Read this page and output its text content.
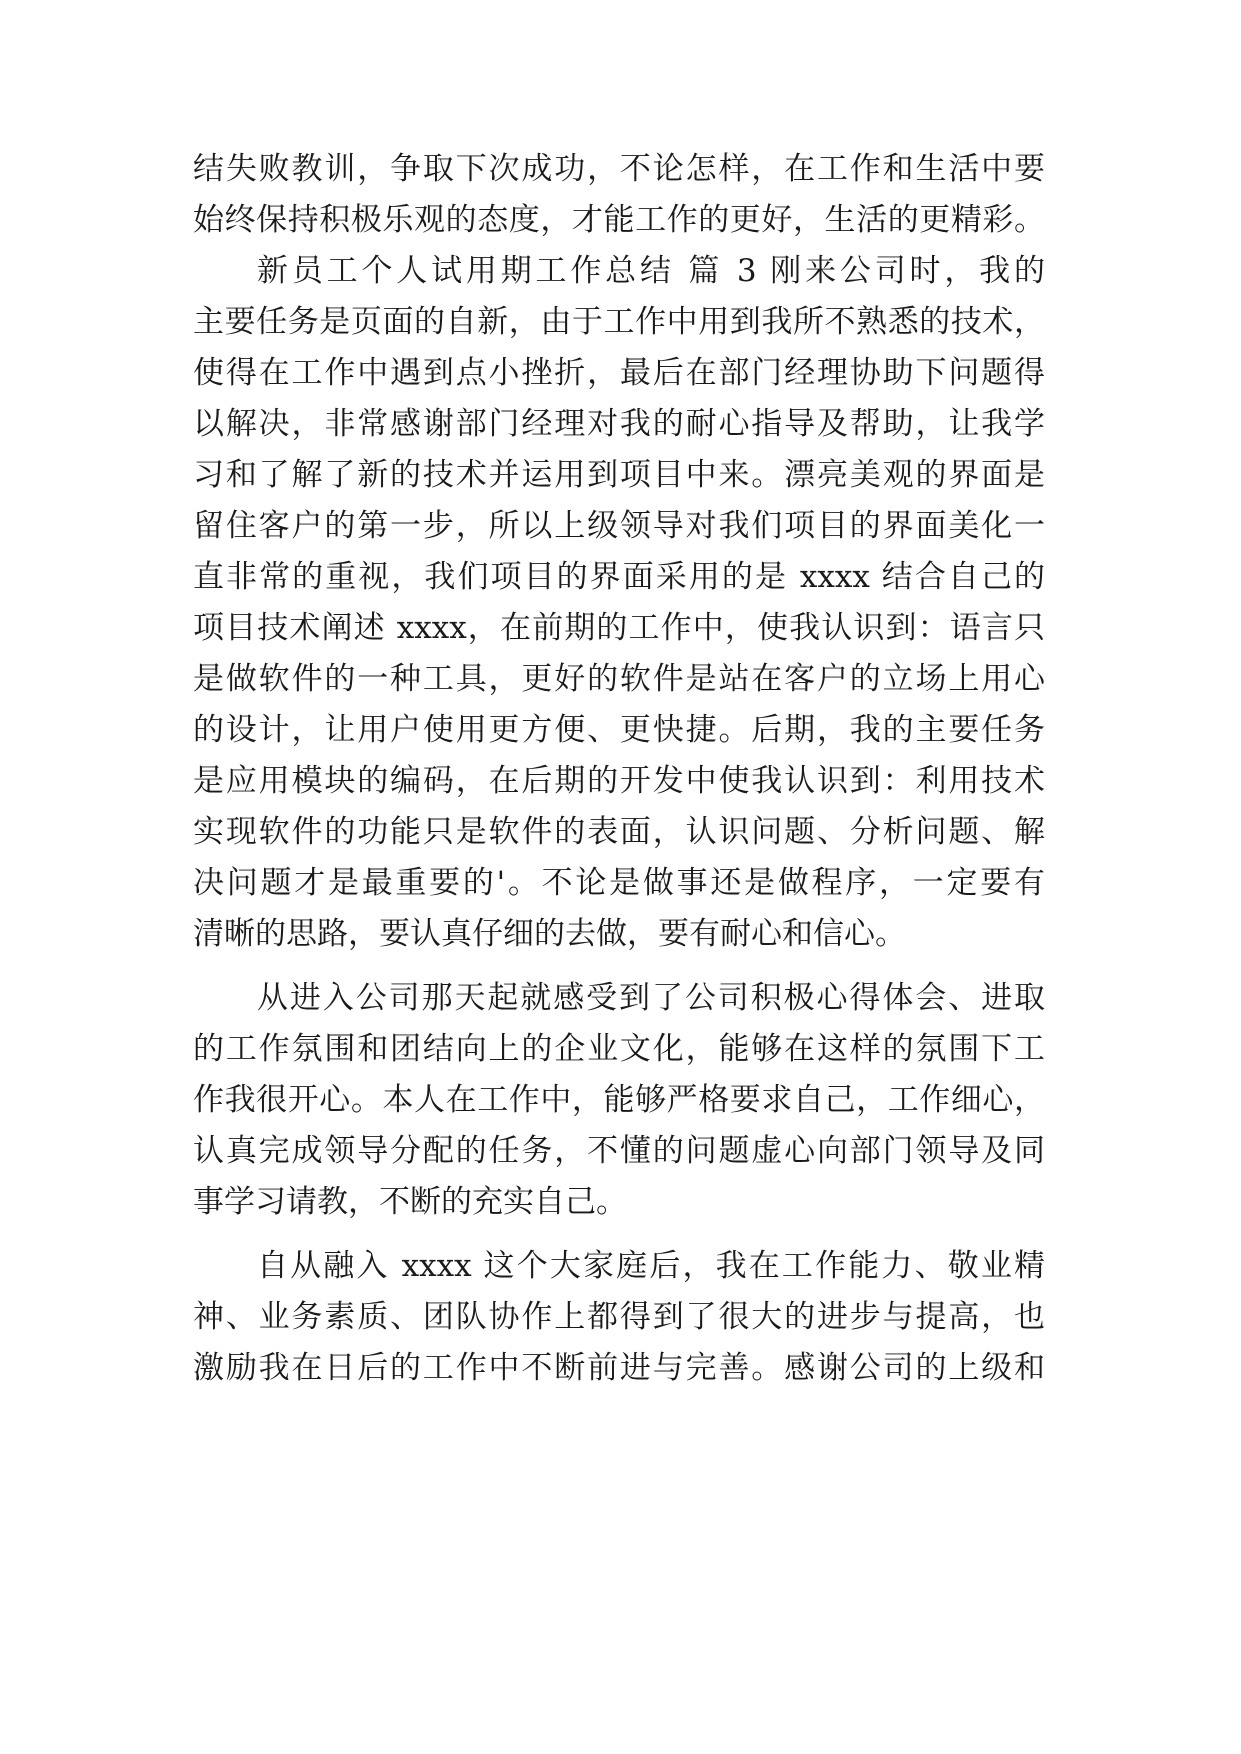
结失败教训，争取下次成功，不论怎样，在工作和生活中要
始终保持积极乐观的态度，才能工作的更好，生活的更精彩。
新员工个人试用期工作总结 篇 3 刚来公司时，我的
主要任务是页面的自新，由于工作中用到我所不熟悉的技术，
使得在工作中遇到点小挫折，最后在部门经理协助下问题得
以解决，非常感谢部门经理对我的耐心指导及帮助，让我学
习和了解了新的技术并运用到项目中来。漂亮美观的界面是
留住客户的第一步，所以上级领导对我们项目的界面美化一
直非常的重视，我们项目的界面采用的是 xxxx 结合自己的
项目技术阐述 xxxx，在前期的工作中，使我认识到：语言只
是做软件的一种工具，更好的软件是站在客户的立场上用心
的设计，让用户使用更方便、更快捷。后期，我的主要任务
是应用模块的编码，在后期的开发中使我认识到：利用技术
实现软件的功能只是软件的表面，认识问题、分析问题、解
决问题才是最重要的'。不论是做事还是做程序，一定要有
清晰的思路，要认真仔细的去做，要有耐心和信心。
从进入公司那天起就感受到了公司积极心得体会、进取
的工作氛围和团结向上的企业文化，能够在这样的氛围下工
作我很开心。本人在工作中，能够严格要求自己，工作细心，
认真完成领导分配的任务，不懂的问题虚心向部门领导及同
事学习请教，不断的充实自己。
自从融入 xxxx 这个大家庭后，我在工作能力、敬业精
神、业务素质、团队协作上都得到了很大的进步与提高，也
激励我在日后的工作中不断前进与完善。感谢公司的上级和
